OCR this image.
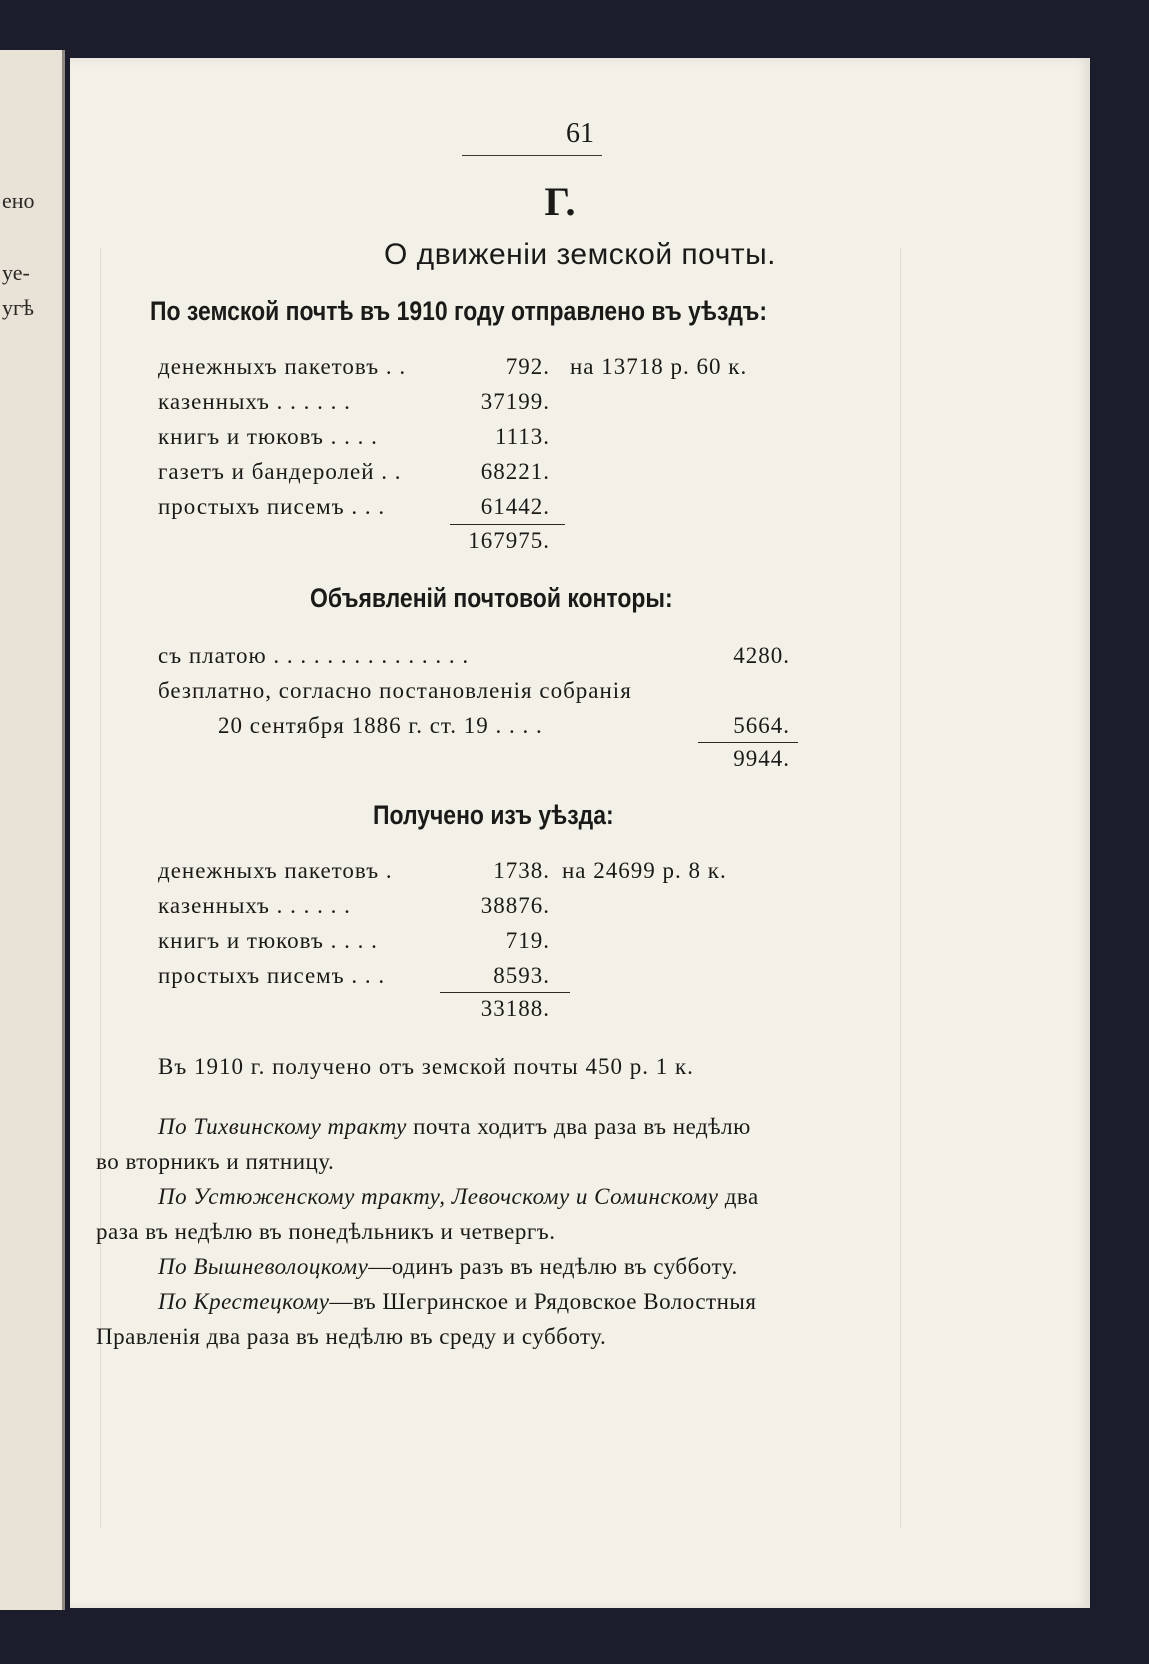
ено
уе-
угѣ
61
Г.
О движеніи земской почты.
По земской почтѣ въ 1910 году отправлено въ уѣздъ:
денежныхъ пакетовъ . .	792. на 13718 р. 60 к.
казенныхъ . . . . . .	37199.
книгъ и тюковъ . . . .	1113.
газетъ и бандеролей . .	68221.
простыхъ писемъ . . .	61442.
167975.
Объявленій почтовой конторы:
съ платою . . . . . . . . . . . . . . .	4280.
безплатно, согласно постановленія собранія
20 сентября 1886 г. ст. 19 . . . .	5664.
9944.
Получено изъ уѣзда:
денежныхъ пакетовъ .	1738. на 24699 р. 8 к.
казенныхъ . . . . . .	38876.
книгъ и тюковъ . . . .	719.
простыхъ писемъ . . .	8593.
33188.
Въ 1910 г. получено отъ земской почты 450 р. 1 к.
По Тихвинскому тракту почта ходитъ два раза въ недѣлю
во вторникъ и пятницу.
По Устюженскому тракту, Левочскому и Соминскому два
раза въ недѣлю въ понедѣльникъ и четвергъ.
По Вышневолоцкому—одинъ разъ въ недѣлю въ субботу.
По Крестецкому—въ Шегринское и Рядовское Волостныя
Правленія два раза въ недѣлю въ среду и субботу.
